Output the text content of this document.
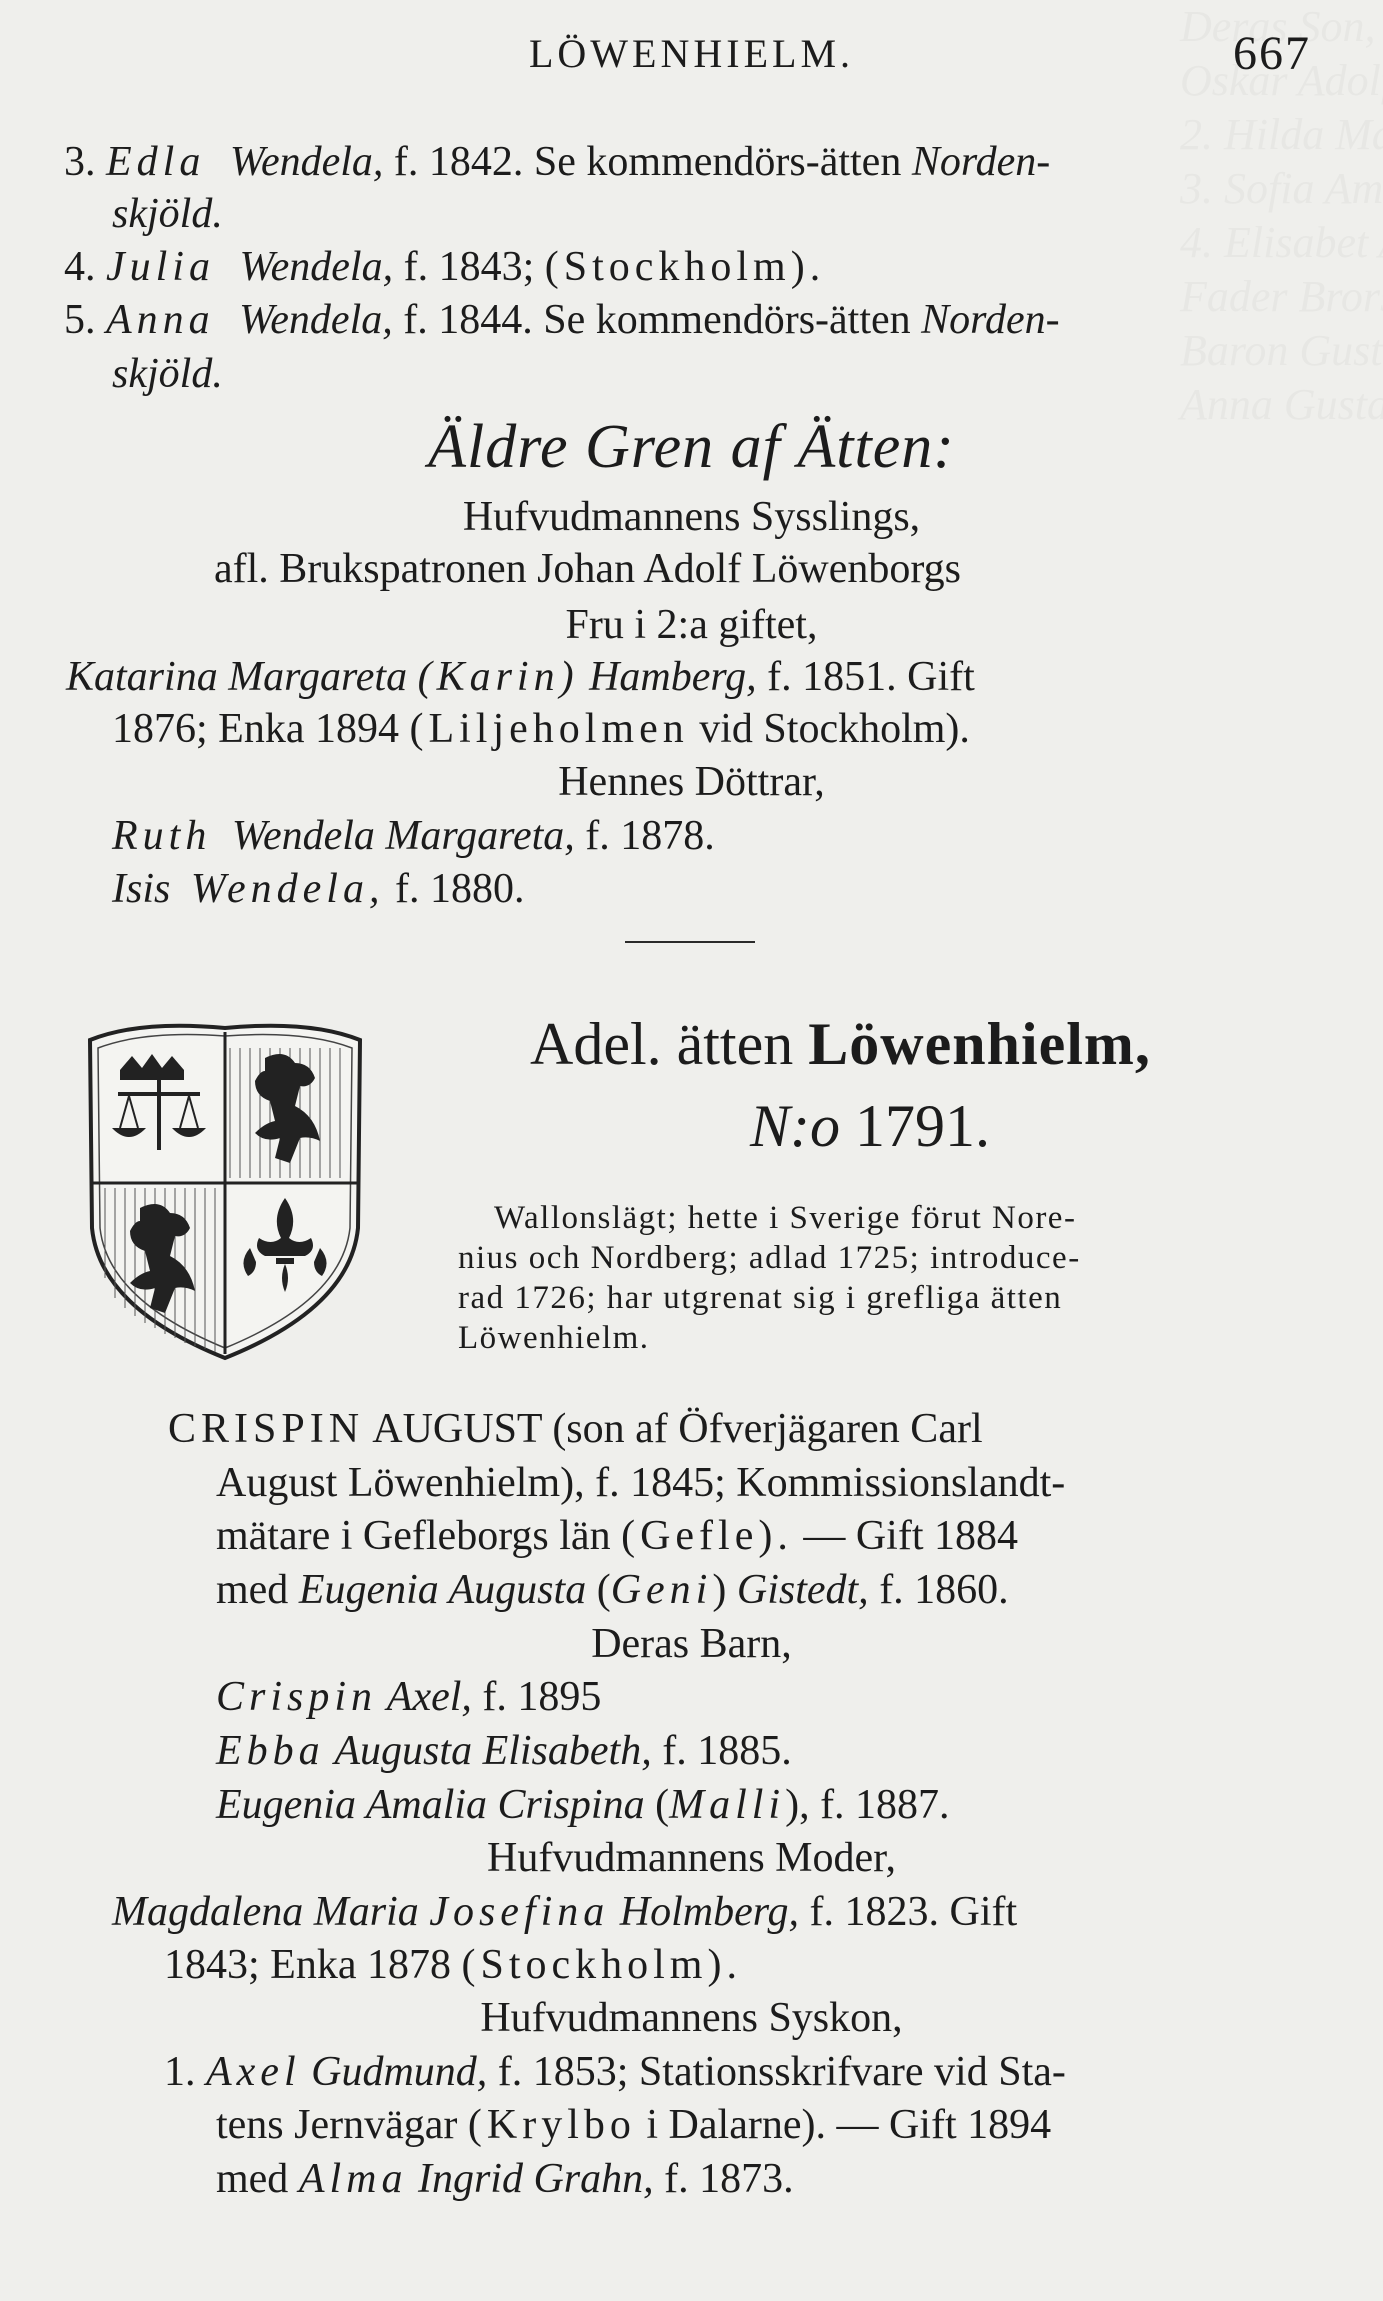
LÖWENHIELM.	667
3. Edla Wendela, f. 1842. Se kommendörs-ätten Norden-
skjöld.
4. Julia Wendela, f. 1843; (Stockholm).
5. Anna Wendela, f. 1844. Se kommendörs-ätten Norden-
skjöld.
Äldre Gren af Ätten:
Hufvudmannens Sysslings,
afl. Brukspatronen Johan Adolf Löwenborgs
Fru i 2:a giftet,
Katarina Margareta (Karin) Hamberg, f. 1851. Gift
1876; Enka 1894 (Liljeholmen vid Stockholm).
Hennes Döttrar,
Ruth Wendela Margareta, f. 1878.
Isis Wendela, f. 1880.
Adel. ätten Löwenhielm,
N:o 1791.
Wallonslägt; hette i Sverige förut Nore-
nius och Nordberg; adlad 1725; introduce-
rad 1726; har utgrenat sig i grefliga ätten
Löwenhielm.
CRISPIN AUGUST (son af Öfverjägaren Carl
August Löwenhielm), f. 1845; Kommissionslandt-
mätare i Gefleborgs län (Gefle). — Gift 1884
med Eugenia Augusta (Geni) Gistedt, f. 1860.
Deras Barn,
Crispin Axel, f. 1895
Ebba Augusta Elisabeth, f. 1885.
Eugenia Amalia Crispina (Malli), f. 1887.
Hufvudmannens Moder,
Magdalena Maria Josefina Holmberg, f. 1823. Gift
1843; Enka 1878 (Stockholm).
Hufvudmannens Syskon,
1. Axel Gudmund, f. 1853; Stationsskrifvare vid Sta-
tens Jernvägar (Krylbo i Dalarne). — Gift 1894
med Alma Ingrid Grahn, f. 1873.
